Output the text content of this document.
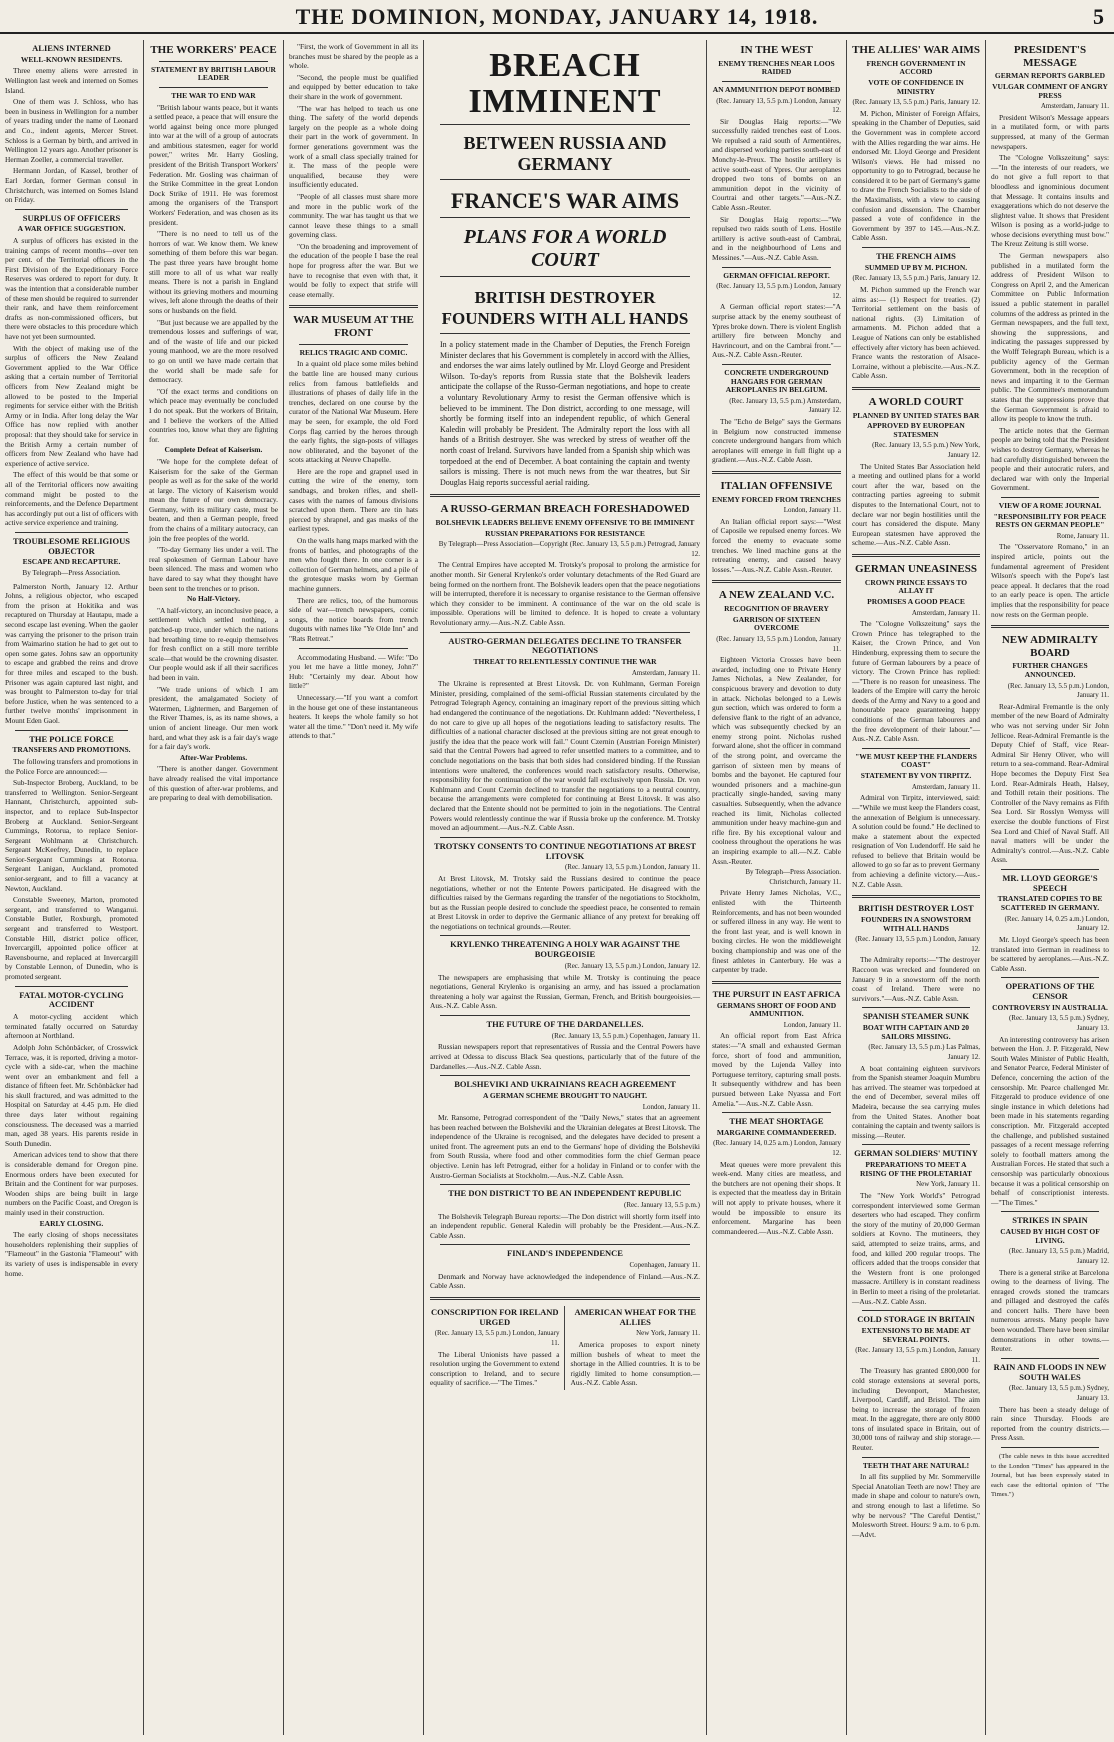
THE DOMINION, MONDAY, JANUARY 14, 1918.	5
ALIENS INTERNED
WELL-KNOWN RESIDENTS.
Three enemy aliens were arrested in Wellington last week and interned on Somes Island.
One of them was J. Schloss, who has been in business in Wellington for a number of years trading under the name of Leonard and Co., indent agents, Mercer Street. Schloss is a German by birth, and arrived in Wellington 12 years ago. Another prisoner is Herman Zoeller, a commercial traveller.
Hermann Jordan, of Kassel, brother of Earl Jordan, former German consul in Christchurch, was interned on Somes Island on Friday.
SURPLUS OF OFFICERS
A WAR OFFICE SUGGESTION.
A surplus of officers has existed in the training camps of recent months—over ten per cent. of the Territorial officers in the First Division of the Expeditionary Force Reserves was ordered to report for duty. It was the intention that a considerable number of these men should be required to surrender their rank, and have them reinforcement drafts as non-commissioned officers, but there were obstacles to this procedure which have not yet been surmounted.
With the object of making use of the surplus of officers the New Zealand Government applied to the War Office asking that a certain number of Territorial officers from New Zealand might be allowed to be posted to the Imperial regiments for service either with the British Army or in India. After long delay the War Office has now replied with another proposal: that they should take for service in the British Army a certain number of officers from New Zealand who have had experience of active service.
The effect of this would be that some or all of the Territorial officers now awaiting command might be posted to the reinforcements, and the Defence Department has accordingly put out a list of officers with active service experience and training.
TROUBLESOME RELIGIOUS OBJECTOR
ESCAPE AND RECAPTURE.
By Telegraph—Press Association.
Palmerston North, January 12. Arthur Johns, a religious objector, who escaped from the prison at Hokitika and was recaptured on Thursday at Hautapu, made a second escape last evening. When the gaoler was carrying the prisoner to the prison train from Waimarino station he had to get out to open some gates. Johns saw an opportunity to escape and grabbed the reins and drove for three miles and escaped to the bush. Prisoner was again captured last night, and was brought to Palmerston to-day for trial before Justice, when he was sentenced to a further twelve months' imprisonment in Mount Eden Gaol.
THE POLICE FORCE
TRANSFERS AND PROMOTIONS.
The following transfers and promotions in the Police Force are announced:—
Sub-Inspector Broberg, Auckland, to be transferred to Wellington. Senior-Sergeant Hannant, Christchurch, appointed sub-inspector, and to replace Sub-Inspector Broberg at Auckland. Senior-Sergeant Cummings, Rotorua, to replace Senior-Sergeant Wohlmann at Christchurch. Sergeant McKeefrey, Dunedin, to replace Senior-Sergeant Cummings at Rotorua. Sergeant Lanigan, Auckland, promoted senior-sergeant, and to fill a vacancy at Newton, Auckland.
Constable Sweeney, Marton, promoted sergeant, and transferred to Wanganui. Constable Butler, Roxburgh, promoted sergeant and transferred to Westport. Constable Hill, district police officer, Invercargill, appointed police officer at Ravensbourne, and replaced at Invercargill by Constable Lennon, of Dunedin, who is promoted sergeant.
FATAL MOTOR-CYCLING ACCIDENT
A motor-cycling accident which terminated fatally occurred on Saturday afternoon at Northland.
Adolph John Schönbäcker, of Crosswick Terrace, was, it is reported, driving a motor-cycle with a side-car, when the machine went over an embankment and fell a distance of fifteen feet. Mr. Schönbäcker had his skull fractured, and was admitted to the Hospital on Saturday at 4.45 p.m. He died three days later without regaining consciousness. The deceased was a married man, aged 38 years. His parents reside in South Dunedin.
American advices tend to show that there is considerable demand for Oregon pine. Enormous orders have been executed for Britain and the Continent for war purposes. Wooden ships are being built in large numbers on the Pacific Coast, and Oregon is mainly used in their construction.
EARLY CLOSING.
The early closing of shops necessitates householders replenishing their supplies of "Flameout" in the Gastonia "Flameout" with its variety of uses is indispensable in every home.
THE WORKERS' PEACE
STATEMENT BY BRITISH LABOUR LEADER
THE WAR TO END WAR
"British labour wants peace, but it wants a settled peace, a peace that will ensure the world against being once more plunged into war at the will of a group of autocrats and ambitious statesmen, eager for world power," writes Mr. Harry Gosling, president of the British Transport Workers' Federation. Mr. Gosling was chairman of the Strike Committee in the great London Dock Strike of 1911. He was foremost among the organisers of the Transport Workers' Federation, and was chosen as its president.
"There is no need to tell us of the horrors of war. We know them. We knew something of them before this war began. The past three years have brought home still more to all of us what war really means. There is not a parish in England without its grieving mothers and mourning wives, left alone through the deaths of their sons or husbands on the field.
"But just because we are appalled by the tremendous losses and sufferings of war, and of the waste of life and our picked young manhood, we are the more resolved to go on until we have made certain that the world shall be made safe for democracy.
"Of the exact terms and conditions on which peace may eventually be concluded I do not speak. But the workers of Britain, and I believe the workers of the Allied countries too, know what they are fighting for.
Complete Defeat of Kaiserism.
"We hope for the complete defeat of Kaiserism for the sake of the German people as well as for the sake of the world at large. The victory of Kaiserism would mean the future of our own democracy. Germany, with its military caste, must be beaten, and then a German people, freed from the chains of a military autocracy, can join the free peoples of the world.
"To-day Germany lies under a veil. The real spokesmen of German Labour have been silenced. The mass and women who have dared to say what they thought have been sent to the trenches or to prison.
No Half-Victory.
"A half-victory, an inconclusive peace, a settlement which settled nothing, a patched-up truce, under which the nations had breathing time to re-equip themselves for fresh conflict on a still more terrible scale—that would be the crowning disaster. Our people would ask if all their sacrifices had been in vain.
"We trade unions of which I am president, the amalgamated Society of Watermen, Lightermen, and Bargemen of the River Thames, is, as its name shows, a union of ancient lineage. Our men work hard, and what they ask is a fair day's wage for a fair day's work.
After-War Problems.
"There is another danger. Government have already realised the vital importance of this question of after-war problems, and are preparing to deal with demobilisation.
"First, the work of Government in all its branches must be shared by the people as a whole.
"Second, the people must be qualified and equipped by better education to take their share in the work of government.
"The war has helped to teach us one thing. The safety of the world depends largely on the people as a whole doing their part in the work of government. In former generations government was the work of a small class specially trained for it. The mass of the people were unqualified, because they were insufficiently educated.
"People of all classes must share more and more in the public work of the community. The war has taught us that we cannot leave these things to a small governing class.
"On the broadening and improvement of the education of the people I base the real hope for progress after the war. But we have to recognise that even with that, it would be folly to expect that strife will cease eternally.
WAR MUSEUM AT THE FRONT
RELICS TRAGIC AND COMIC.
In a quaint old place some miles behind the battle line are housed many curious relics from famous battlefields and illustrations of phases of daily life in the trenches, declared on one course by the curator of the National War Museum. Here may be seen, for example, the old Ford Corps flag carried by the heroes through the early fights, the sign-posts of villages now obliterated, and the bayonet of the scots attacking at Neuve Chapelle.
Here are the rope and grapnel used in cutting the wire of the enemy, torn sandbags, and broken rifles, and shell-cases with the names of famous divisions scratched upon them. There are tin hats pierced by shrapnel, and gas masks of the earliest types.
On the walls hang maps marked with the fronts of battles, and photographs of the men who fought there. In one corner is a collection of German helmets, and a pile of the grotesque masks worn by German machine gunners.
There are relics, too, of the humorous side of war—trench newspapers, comic songs, the notice boards from trench dugouts with names like "Ye Olde Inn" and "Rats Retreat."
Accommodating Husband. — Wife: "Do you let me have a little money, John?" Hub: "Certainly my dear. About how little?"
Unnecessary.—"If you want a comfort in the house get one of these instantaneous heaters. It keeps the whole family so hot water all the time." "Don't need it. My wife attends to that."
BREACH IMMINENT
BETWEEN RUSSIA AND GERMANY
FRANCE'S WAR AIMS
PLANS FOR A WORLD COURT
BRITISH DESTROYER FOUNDERS WITH ALL HANDS
In a policy statement made in the Chamber of Deputies, the French Foreign Minister declares that his Government is completely in accord with the Allies, and endorses the war aims lately outlined by Mr. Lloyd George and President Wilson. To-day's reports from Russia state that the Bolshevik leaders anticipate the collapse of the Russo-German negotiations, and hope to create a voluntary Revolutionary Army to resist the German offensive which is believed to be imminent. The Don district, according to one message, will shortly be forming itself into an independent republic, of which General Kaledin will probably be President. The Admiralty report the loss with all hands of a British destroyer. She was wrecked by stress of weather off the north coast of Ireland. Survivors have landed from a Spanish ship which was torpedoed at the end of December. A boat containing the captain and twenty sailors is missing. There is not much news from the war theatres, but Sir Douglas Haig reports successful aerial raiding.
A RUSSO-GERMAN BREACH FORESHADOWED
BOLSHEVIK LEADERS BELIEVE ENEMY OFFENSIVE TO BE IMMINENT
RUSSIAN PREPARATIONS FOR RESISTANCE
By Telegraph—Press Association—Copyright (Rec. January 13, 5.5 p.m.) Petrograd, January 12.
The Central Empires have accepted M. Trotsky's proposal to prolong the armistice for another month. Sir General Krylenko's order voluntary detachments of the Red Guard are being formed on the northern front. The Bolshevik leaders open that the peace negotiations will be interrupted, therefore it is necessary to organise resistance to the German offensive which they consider to be imminent. A continuance of the war on the old scale is impossible. Operations will be limited to defence. It is hoped to create a voluntary Revolutionary army.—Aus.-N.Z. Cable Assn.
AUSTRO-GERMAN DELEGATES DECLINE TO TRANSFER NEGOTIATIONS
THREAT TO RELENTLESSLY CONTINUE THE WAR
Amsterdam, January 11.
The Ukraine is represented at Brest Litovsk. Dr. von Kuhlmann, German Foreign Minister, presiding, complained of the semi-official Russian statements circulated by the Petrograd Telegraph Agency, containing an imaginary report of the previous sitting which had endangered the continuance of the negotiations. Dr. Kuhlmann added: "Nevertheless, I do not care to give up all hopes of the negotiations leading to satisfactory results. The difficulties of a national character disclosed at the previous sitting are not great enough to justify the idea that the peace work will fail." Count Czernin (Austrian Foreign Minister) said that the Central Powers had agreed to refer unsettled matters to a committee, and to conclude negotiations on the basis that both sides had considered binding. If the Russian intentions were unaltered, the conferences would reach satisfactory results. Otherwise, responsibility for the continuation of the war would fall exclusively upon Russia. Dr. von Kuhlmann and Count Czernin declined to transfer the negotiations to a neutral country, because the arrangements were completed for continuing at Brest Litovsk. It was also declared that the Entente should not be permitted to join in the negotiations. The Central Powers would relentlessly continue the war if Russia broke up the conference. M. Trotsky moved an adjournment.—Aus.-N.Z. Cable Assn.
TROTSKY CONSENTS TO CONTINUE NEGOTIATIONS AT BREST LITOVSK
(Rec. January 13, 5.5 p.m.) London, January 11.
At Brest Litovsk, M. Trotsky said the Russians desired to continue the peace negotiations, whether or not the Entente Powers participated. He disagreed with the difficulties raised by the Germans regarding the transfer of the negotiations to Stockholm, but as the Russian people desired to conclude the speediest peace, he consented to remain at Brest Litovsk in order to deprive the Germanic alliance of any pretext for breaking off the negotiations on technical grounds.—Reuter.
KRYLENKO THREATENING A HOLY WAR AGAINST THE BOURGEOISIE
(Rec. January 13, 5.5 p.m.) London, January 12.
The newspapers are emphasising that while M. Trotsky is continuing the peace negotiations, General Krylenko is organising an army, and has issued a proclamation threatening a holy war against the Russian, German, French, and British bourgeoisies.—Aus.-N.Z. Cable Assn.
THE FUTURE OF THE DARDANELLES.
(Rec. January 13, 5.5 p.m.) Copenhagen, January 11.
Russian newspapers report that representatives of Russia and the Central Powers have arrived at Odessa to discuss Black Sea questions, particularly that of the future of the Dardanelles.—Aus.-N.Z. Cable Assn.
BOLSHEVIKI AND UKRAINIANS REACH AGREEMENT
A GERMAN SCHEME BROUGHT TO NAUGHT.
London, January 11.
Mr. Ransome, Petrograd correspondent of the "Daily News," states that an agreement has been reached between the Bolsheviki and the Ukrainian delegates at Brest Litovsk. The independence of the Ukraine is recognised, and the delegates have decided to present a united front. The agreement puts an end to the Germans' hope of dividing the Bolsheviki from South Russia, where food and other commodities form the chief German peace objective. Lenin has left Petrograd, either for a holiday in Finland or to confer with the Austro-German Socialists at Stockholm.—Aus.-N.Z. Cable Assn.
THE DON DISTRICT TO BE AN INDEPENDENT REPUBLIC
(Rec. January 13, 5.5 p.m.)
The Bolshevik Telegraph Bureau reports:—The Don district will shortly form itself into an independent republic. General Kaledin will probably be the President.—Aus.-N.Z. Cable Assn.
FINLAND'S INDEPENDENCE
Copenhagen, January 11.
Denmark and Norway have acknowledged the independence of Finland.—Aus.-N.Z. Cable Assn.
CONSCRIPTION FOR IRELAND URGED
(Rec. January 13, 5.5 p.m.) London, January 11.
The Liberal Unionists have passed a resolution urging the Government to extend conscription to Ireland, and to secure equality of sacrifice.—"The Times."
AMERICAN WHEAT FOR THE ALLIES
New York, January 11.
America proposes to export ninety million bushels of wheat to meet the shortage in the Allied countries. It is to be rigidly limited to home consumption.—Aus.-N.Z. Cable Assn.
IN THE WEST
ENEMY TRENCHES NEAR LOOS RAIDED
AN AMMUNITION DEPOT BOMBED
(Rec. January 13, 5.5 p.m.) London, January 12.
Sir Douglas Haig reports:—"We successfully raided trenches east of Loos. We repulsed a raid south of Armentières, and dispersed working parties south-east of Monchy-le-Preux. The hostile artillery is active south-east of Ypres. Our aeroplanes dropped two tons of bombs on an ammunition depot in the vicinity of Courtrai and other targets."—Aus.-N.Z. Cable Assn.-Reuter.
Sir Douglas Haig reports:—"We repulsed two raids south of Lens. Hostile artillery is active south-east of Cambrai, and in the neighbourhood of Lens and Messines."—Aus.-N.Z. Cable Assn.
GERMAN OFFICIAL REPORT.
(Rec. January 13, 5.5 p.m.) London, January 12.
A German official report states:—"A surprise attack by the enemy southeast of Ypres broke down. There is violent English artillery fire between Monchy and Havrincourt, and on the Cambrai front."—Aus.-N.Z. Cable Assn.-Reuter.
CONCRETE UNDERGROUND HANGARS FOR GERMAN AEROPLANES IN BELGIUM.
(Rec. January 13, 5.5 p.m.) Amsterdam, January 12.
The "Echo de Belge" says the Germans in Belgium now constructed immense concrete underground hangars from which aeroplanes will emerge in full flight up a gradient.—Aus.-N.Z. Cable Assn.
ITALIAN OFFENSIVE
ENEMY FORCED FROM TRENCHES
London, January 11.
An Italian official report says:—"West of Caposile we repulsed enemy forces. We forced the enemy to evacuate some trenches. We lined machine guns at the retreating enemy, and caused heavy losses."—Aus.-N.Z. Cable Assn.-Reuter.
A NEW ZEALAND V.C.
RECOGNITION OF BRAVERY
GARRISON OF SIXTEEN OVERCOME
(Rec. January 13, 5.5 p.m.) London, January 11.
Eighteen Victoria Crosses have been awarded, including one to Private Henry James Nicholas, a New Zealander, for conspicuous bravery and devotion to duty in attack. Nicholas belonged to a Lewis gun section, which was ordered to form a defensive flank to the right of an advance, which was subsequently checked by an enemy strong point. Nicholas rushed forward alone, shot the officer in command of the strong point, and overcame the garrison of sixteen men by means of bombs and the bayonet. He captured four wounded prisoners and a machine-gun practically single-handed, saving many casualties. Subsequently, when the advance reached its limit, Nicholas collected ammunition under heavy machine-gun and rifle fire. By his exceptional valour and coolness throughout the operations he was an inspiring example to all.—N.Z. Cable Assn.-Reuter.
By Telegraph—Press Association. Christchurch, January 11.
Private Henry James Nicholas, V.C., enlisted with the Thirteenth Reinforcements, and has not been wounded or suffered illness in any way. He went to the front last year, and is well known in boxing circles. He won the middleweight boxing championship and was one of the finest athletes in Canterbury. He was a carpenter by trade.
THE PURSUIT IN EAST AFRICA
GERMANS SHORT OF FOOD AND AMMUNITION.
London, January 11.
An official report from East Africa states:—"A small and exhausted German force, short of food and ammunition, moved by the Lujenda Valley into Portuguese territory, capturing small posts. It subsequently withdrew and has been pursued between Lake Nyassa and Fort Amelia."—Aus.-N.Z. Cable Assn.
THE MEAT SHORTAGE
MARGARINE COMMANDEERED.
(Rec. January 14, 0.25 a.m.) London, January 12.
Meat queues were more prevalent this week-end. Many cities are meatless, and the butchers are not opening their shops. It is expected that the meatless day in Britain will not apply to private houses, where it would be impossible to ensure its enforcement. Margarine has been commandeered.—Aus.-N.Z. Cable Assn.
THE ALLIES' WAR AIMS
FRENCH GOVERNMENT IN ACCORD
VOTE OF CONFIDENCE IN MINISTRY
(Rec. January 13, 5.5 p.m.) Paris, January 12.
M. Pichon, Minister of Foreign Affairs, speaking in the Chamber of Deputies, said the Government was in complete accord with the Allies regarding the war aims. He endorsed Mr. Lloyd George and President Wilson's views. He had missed no opportunity to go to Petrograd, because he considered it to be part of Germany's game to draw the French Socialists to the side of the Maximalists, with a view to causing confusion and dissension. The Chamber passed a vote of confidence in the Government by 397 to 145.—Aus.-N.Z. Cable Assn.
THE FRENCH AIMS
SUMMED UP BY M. PICHON.
(Rec. January 13, 5.5 p.m.) Paris, January 12.
M. Pichon summed up the French war aims as:— (1) Respect for treaties. (2) Territorial settlement on the basis of national rights. (3) Limitation of armaments. M. Pichon added that a League of Nations can only be established effectively after victory has been achieved. France wants the restoration of Alsace-Lorraine, without a plebiscite.—Aus.-N.Z. Cable Assn.
A WORLD COURT
PLANNED BY UNITED STATES BAR
APPROVED BY EUROPEAN STATESMEN
(Rec. January 13, 5.5 p.m.) New York, January 12.
The United States Bar Association held a meeting and outlined plans for a world court after the war, based on the contracting parties agreeing to submit disputes to the International Court, not to declare war nor begin hostilities until the court has considered the dispute. Many European statesmen have approved the scheme.—Aus.-N.Z. Cable Assn.
GERMAN UNEASINESS
CROWN PRINCE ESSAYS TO ALLAY IT
PROMISES A GOOD PEACE
Amsterdam, January 11.
The "Cologne Volkszeitung" says the Crown Prince has telegraphed to the Kaiser, the Crown Prince, and Von Hindenburg, expressing them to secure the future of German labourers by a peace of victory. The Crown Prince has replied:—"There is no reason for uneasiness. The leaders of the Empire will carry the heroic deeds of the Army and Navy to a good and honourable peace guaranteeing happy conditions of the German labourers and the free development of their labour."—Aus.-N.Z. Cable Assn.
"WE MUST KEEP THE FLANDERS COAST"
STATEMENT BY VON TIRPITZ.
Amsterdam, January 11.
Admiral von Tirpitz, interviewed, said:—"While we must keep the Flanders coast, the annexation of Belgium is unnecessary. A solution could be found." He declined to make a statement about the expected resignation of Von Ludendorff. He said he refused to believe that Britain would be allowed to go so far as to prevent Germany from achieving a definite victory.—Aus.-N.Z. Cable Assn.
BRITISH DESTROYER LOST
FOUNDERS IN A SNOWSTORM WITH ALL HANDS
(Rec. January 13, 5.5 p.m.) London, January 12.
The Admiralty reports:—"The destroyer Raccoon was wrecked and foundered on January 9 in a snowstorm off the north coast of Ireland. There were no survivors."—Aus.-N.Z. Cable Assn.
SPANISH STEAMER SUNK
BOAT WITH CAPTAIN AND 20 SAILORS MISSING.
(Rec. January 13, 5.5 p.m.) Las Palmas, January 12.
A boat containing eighteen survivors from the Spanish steamer Joaquin Mumbru has arrived. The steamer was torpedoed at the end of December, several miles off Madeira, because the sea carrying mules from the United States. Another boat containing the captain and twenty sailors is missing.—Reuter.
GERMAN SOLDIERS' MUTINY
PREPARATIONS TO MEET A RISING OF THE PROLETARIAT
New York, January 11.
The "New York World's" Petrograd correspondent interviewed some German deserters who had escaped. They confirm the story of the mutiny of 20,000 German soldiers at Kovno. The mutineers, they said, attempted to seize trains, arms, and food, and killed 200 regular troops. The officers added that the troops consider that the Western front is one prolonged massacre. Artillery is in constant readiness in Berlin to meet a rising of the proletariat.—Aus.-N.Z. Cable Assn.
COLD STORAGE IN BRITAIN
EXTENSIONS TO BE MADE AT SEVERAL POINTS.
(Rec. January 13, 5.5 p.m.) London, January 11.
The Treasury has granted £800,000 for cold storage extensions at several ports, including Devonport, Manchester, Liverpool, Cardiff, and Bristol. The aim being to increase the storage of frozen meat. In the aggregate, there are only 8000 tons of insulated space in Britain, out of 30,000 tons of railway and ship storage.—Reuter.
TEETH THAT ARE NATURAL!
In all fits supplied by Mr. Sommerville Special Anatolian Teeth are now! They are made in shape and colour to nature's own, and strong enough to last a lifetime. So why be nervous? "The Careful Dentist," Molesworth Street. Hours: 9 a.m. to 6 p.m.—Advt.
PRESIDENT'S MESSAGE
GERMAN REPORTS GARBLED
VULGAR COMMENT OF ANGRY PRESS
Amsterdam, January 11.
President Wilson's Message appears in a mutilated form, or with parts suppressed, at many of the German newspapers.
The "Cologne Volkszeitung" says:—"In the interests of our readers, we do not give a full report to that bloodless and ignominious document that Message. It contains insults and exaggerations which do not deserve the slightest value. It shows that President Wilson is posing as a world-judge to whose decisions everything must bow." The Kreuz Zeitung is still worse.
The German newspapers also published in a mutilated form the address of President Wilson to Congress on April 2, and the American Committee on Public Information issued a public statement in parallel columns of the address as printed in the German newspapers, and the full text, showing the suppressions, and indicating the passages suppressed by the Wolff Telegraph Bureau, which is a publicity agency of the German Government, both in the reception of news and imparting it to the German public. The Committee's memorandum states that the suppressions prove that the German Government is afraid to allow its people to know the truth.
The article notes that the German people are being told that the President wishes to destroy Germany, whereas he had carefully distinguished between the people and their autocratic rulers, and declared war with only the Imperial Government.
VIEW OF A ROME JOURNAL
"RESPONSIBILITY FOR PEACE RESTS ON GERMAN PEOPLE"
Rome, January 11.
The "Osservatore Romano," in an inspired article, points out the fundamental agreement of President Wilson's speech with the Pope's last peace appeal. It declares that the road to an early peace is open. The article implies that the responsibility for peace now rests on the German people.
NEW ADMIRALTY BOARD
FURTHER CHANGES ANNOUNCED.
(Rec. January 13, 5.5 p.m.) London, January 11.
Rear-Admiral Fremantle is the only member of the new Board of Admiralty who was not serving under Sir John Jellicoe. Rear-Admiral Fremantle is the Deputy Chief of Staff, vice Rear-Admiral Sir Henry Oliver, who will return to a sea-command. Rear-Admiral Hope becomes the Deputy First Sea Lord. Rear-Admirals Heath, Halsey, and Tothill retain their positions. The Controller of the Navy remains as Fifth Sea Lord. Sir Rosslyn Wemyss will exercise the double functions of First Sea Lord and Chief of Naval Staff. All naval matters will be under the Admiralty's control.—Aus.-N.Z. Cable Assn.
MR. LLOYD GEORGE'S SPEECH
TRANSLATED COPIES TO BE SCATTERED IN GERMANY.
(Rec. January 14, 0.25 a.m.) London, January 12.
Mr. Lloyd George's speech has been translated into German in readiness to be scattered by aeroplanes.—Aus.-N.Z. Cable Assn.
OPERATIONS OF THE CENSOR
CONTROVERSY IN AUSTRALIA.
(Rec. January 13, 5.5 p.m.) Sydney, January 13.
An interesting controversy has arisen between the Hon. J. P. Fitzgerald, New South Wales Minister of Public Health, and Senator Pearce, Federal Minister of Defence, concerning the action of the censorship. Mr. Pearce challenged Mr. Fitzgerald to produce evidence of one single instance in which deletions had been made in his statements regarding conscription. Mr. Fitzgerald accepted the challenge, and published sustained passages of a recent message referring solely to football matters among the Australian Forces. He stated that such a censorship was particularly obnoxious because it was a political censorship on behalf of conscriptionist interests.—"The Times."
STRIKES IN SPAIN
CAUSED BY HIGH COST OF LIVING.
(Rec. January 13, 5.5 p.m.) Madrid, January 12.
There is a general strike at Barcelona owing to the dearness of living. The enraged crowds stoned the tramcars and pillaged and destroyed the cafés and concert halls. There have been numerous arrests. Many people have been wounded. There have been similar demonstrations in other towns.—Reuter.
RAIN AND FLOODS IN NEW SOUTH WALES
(Rec. January 13, 5.5 p.m.) Sydney, January 13.
There has been a steady deluge of rain since Thursday. Floods are reported from the country districts.—Press Assn.
(The cable news in this issue accredited to the London "Times" has appeared in the Journal, but has been expressly stated in each case the editorial opinion of "The Times.")
